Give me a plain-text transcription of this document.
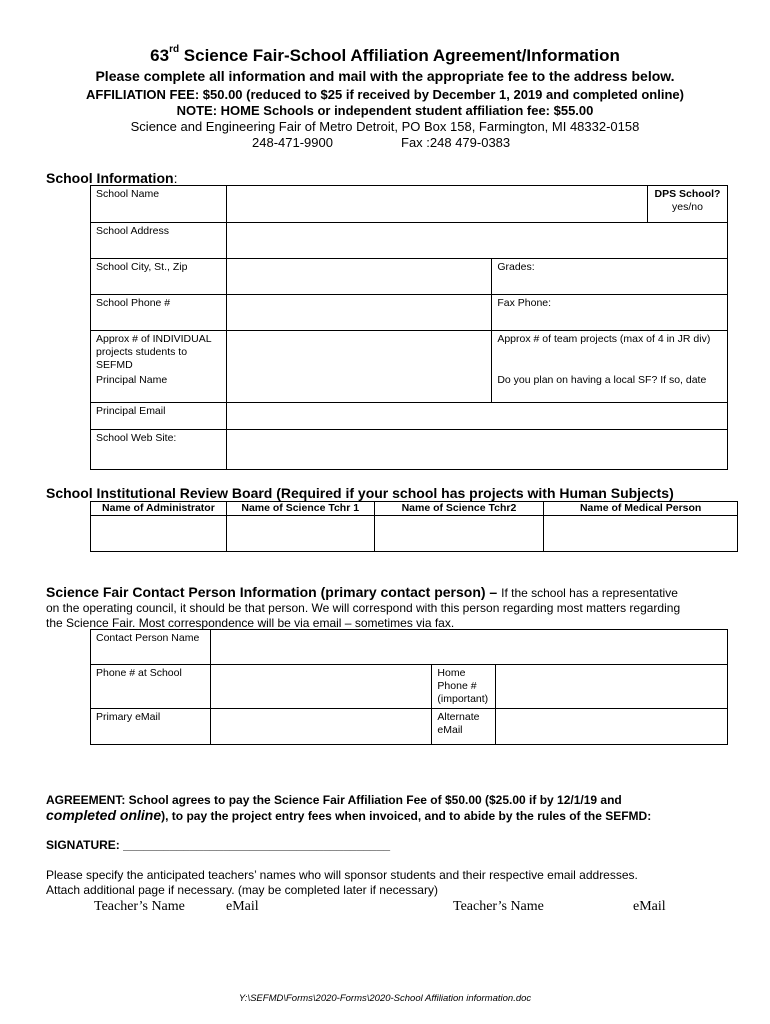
63rd Science Fair-School Affiliation Agreement/Information
Please complete all information and mail with the appropriate fee to the address below.
AFFILIATION FEE: $50.00 (reduced to $25 if received by December 1, 2019 and completed online)
NOTE: HOME Schools or independent student affiliation fee: $55.00
Science and Engineering Fair of Metro Detroit, PO Box 158, Farmington, MI 48332-0158
248-471-9900	Fax :248 479-0383
School Information:
School Name			DPS School?
yes/no

School Address			
School City, St., Zip		Grades:	
School Phone #		Fax Phone:	
Approx # of INDIVIDUAL projects students to SEFMD		Approx # of team projects (max of 4 in JR div)	
Principal Name		Do you plan on having a local SF? If so, date	
Principal Email			
School Web Site:			
School Institutional Review Board (Required if your school has projects with Human Subjects)
Name of Administrator	Name of Science Tchr 1	Name of Science Tchr2	Name of Medical Person

Science Fair Contact Person Information (primary contact person) – If the school has a representative
on the operating council, it should be that person. We will correspond with this person regarding most matters regarding
the Science Fair. Most correspondence will be via email – sometimes via fax.
Contact Person Name			
Phone # at School		Home Phone # (important)	
Primary eMail		Alternate eMail	
AGREEMENT: School agrees to pay the Science Fair Affiliation Fee of $50.00 ($25.00 if by 12/1/19 and
completed online), to pay the project entry fees when invoiced, and to abide by the rules of the SEFMD:
SIGNATURE: ________________________________________
Please specify the anticipated teachers’ names who will sponsor students and their respective email addresses.
Attach additional page if necessary. (may be completed later if necessary)
Teacher’s Name	eMail	Teacher’s Name	eMail
Y:\SEFMD\Forms\2020-Forms\2020-School Affiliation information.doc
